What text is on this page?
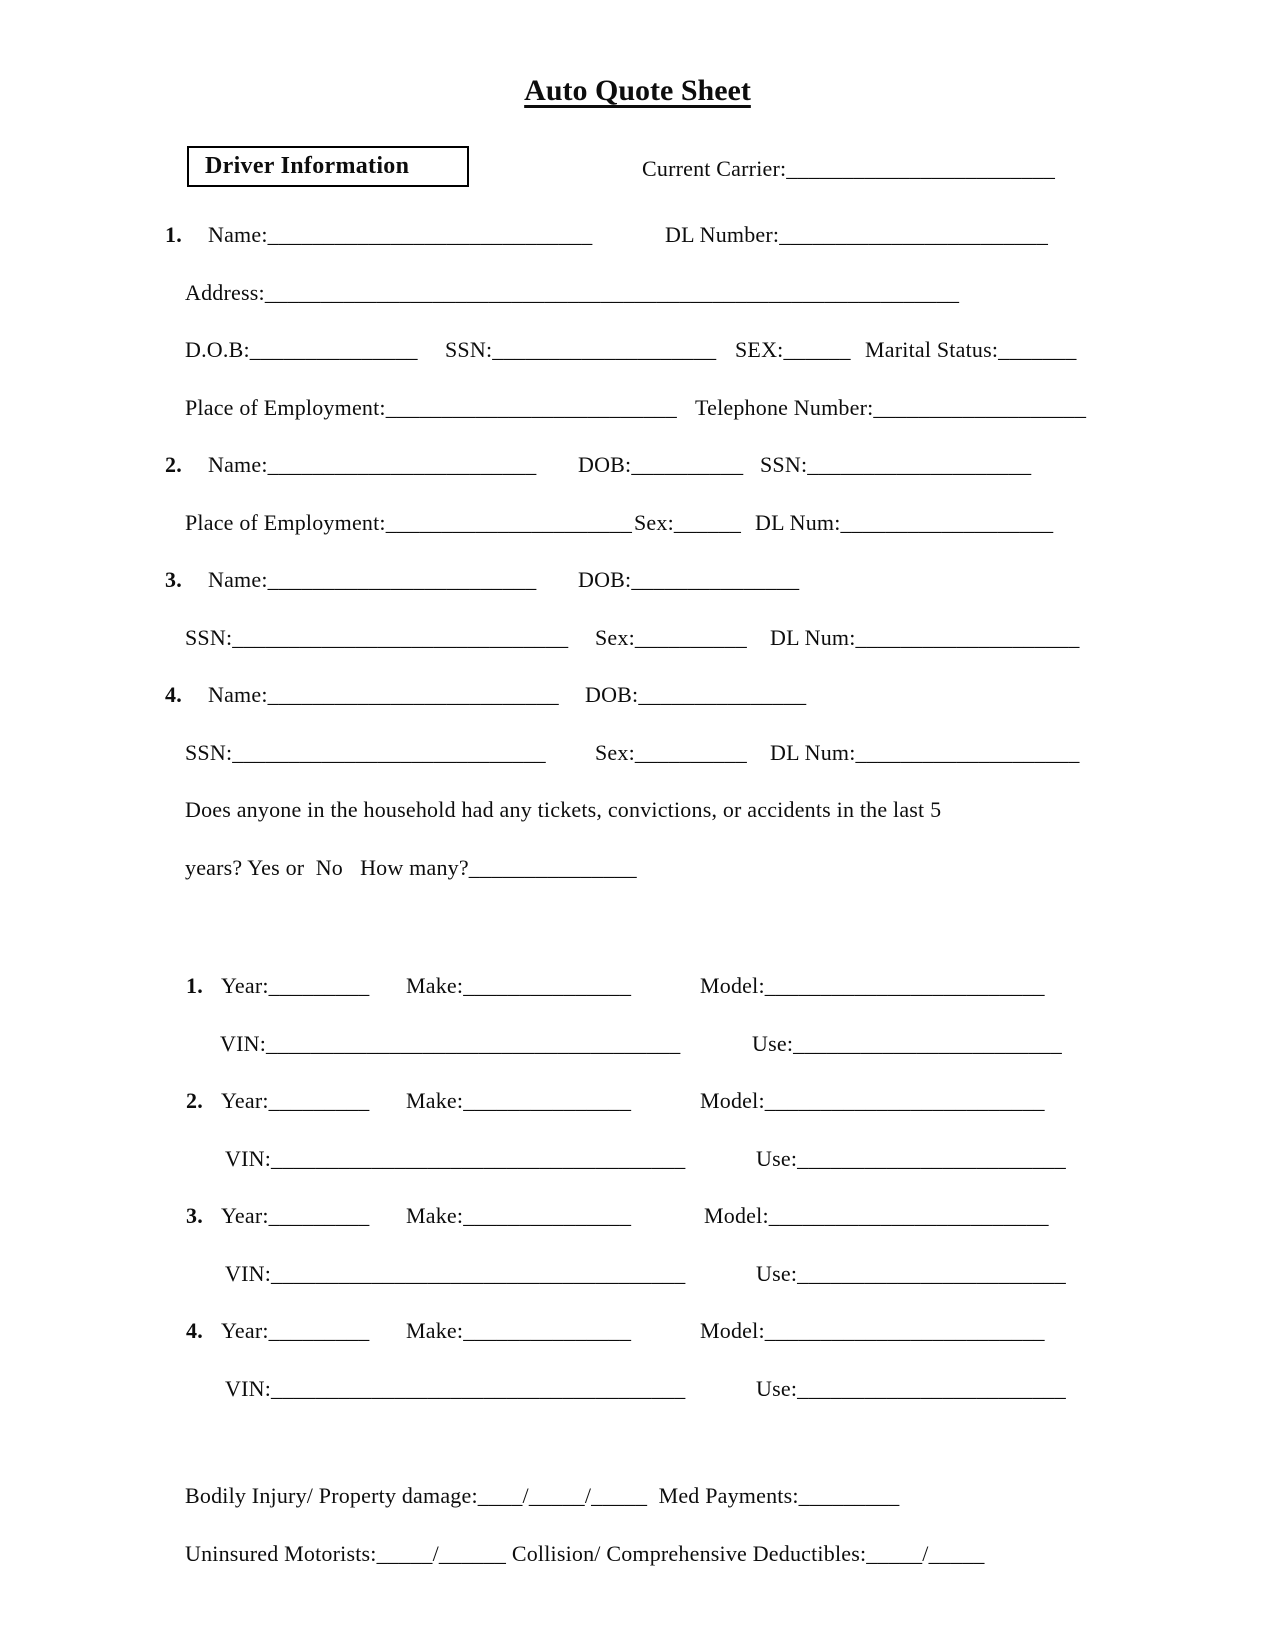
Auto Quote Sheet
Driver Information	Current Carrier:________________________
1. Name:_____________________________	DL Number:________________________
Address:______________________________________________________________
D.O.B:_______________ SSN:____________________ SEX:______ Marital Status:_______
Place of Employment:__________________________ Telephone Number:___________________
2. Name:________________________ DOB:__________ SSN:____________________
Place of Employment:______________________ Sex:______ DL Num:___________________
3. Name:________________________ DOB:_______________
SSN:______________________________ Sex:__________ DL Num:____________________
4. Name:__________________________ DOB:_______________
SSN:____________________________ Sex:__________ DL Num:____________________
Does anyone in the household had any tickets, convictions, or accidents in the last 5
years? Yes or  No   How many?_______________
1. Year:_________ Make:_______________	Model:_________________________
VIN:_____________________________________	Use:________________________
2. Year:_________ Make:_______________	Model:_________________________
VIN:_____________________________________	Use:________________________
3. Year:_________ Make:_______________	Model:_________________________
VIN:_____________________________________	Use:________________________
4. Year:_________ Make:_______________	Model:_________________________
VIN:_____________________________________	Use:________________________
Bodily Injury/ Property damage:____/_____/_____  Med Payments:_________
Uninsured Motorists:_____/______ Collision/ Comprehensive Deductibles:_____/_____
